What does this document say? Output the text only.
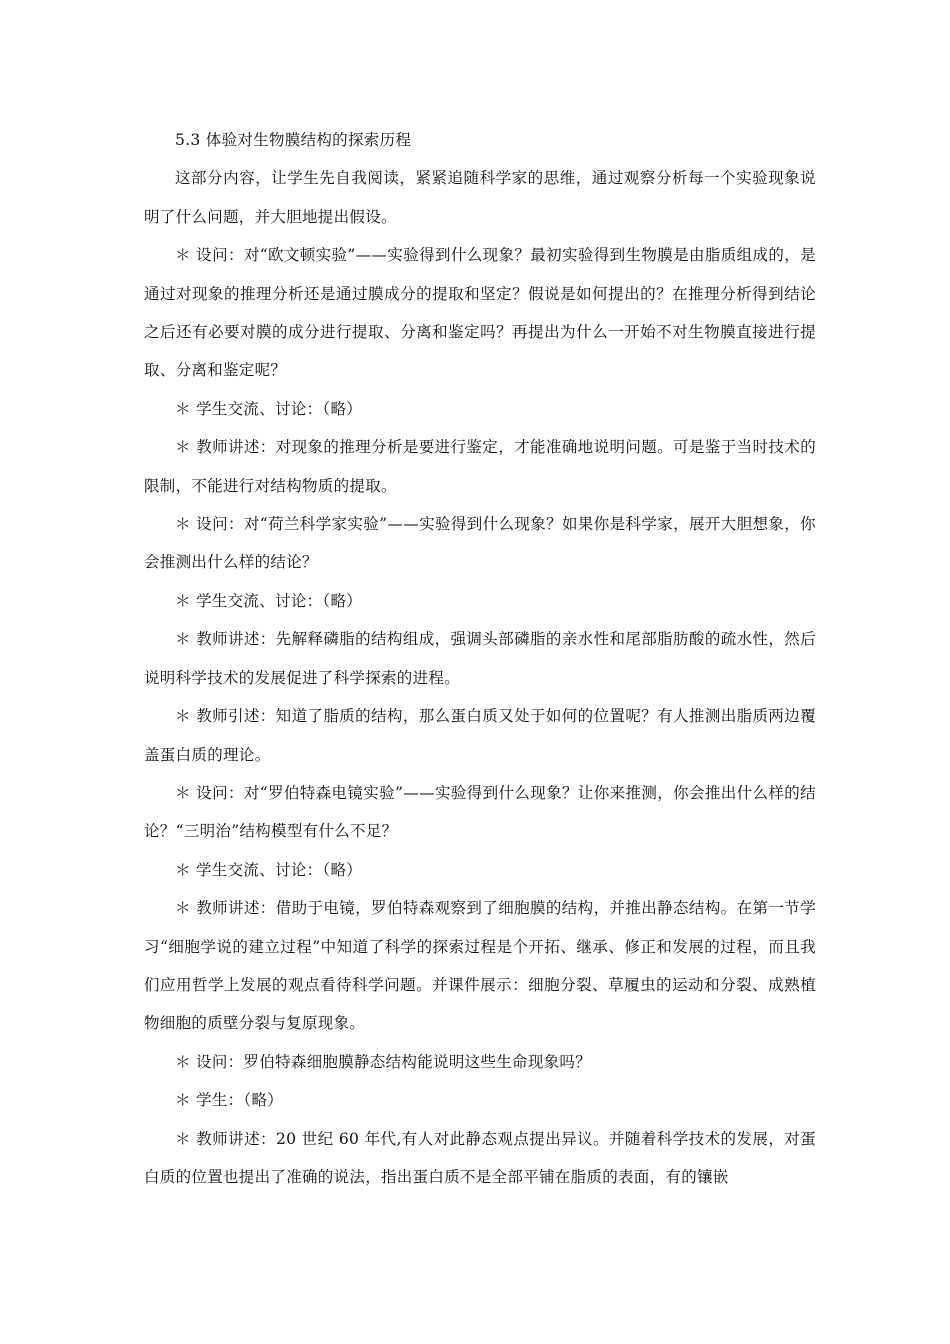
5.3 体验对生物膜结构的探索历程

这部分内容，让学生先自我阅读，紧紧追随科学家的思维，通过观察分析每一个实验现象说明了什么问题，并大胆地提出假设。

＊ 设问：对“欧文顿实验”——实验得到什么现象？最初实验得到生物膜是由脂质组成的，是通过对现象的推理分析还是通过膜成分的提取和坚定？假说是如何提出的？在推理分析得到结论之后还有必要对膜的成分进行提取、分离和鉴定吗？再提出为什么一开始不对生物膜直接进行提取、分离和鉴定呢？

＊ 学生交流、讨论：（略）

＊ 教师讲述：对现象的推理分析是要进行鉴定，才能准确地说明问题。可是鉴于当时技术的限制，不能进行对结构物质的提取。

＊ 设问：对“荷兰科学家实验”——实验得到什么现象？如果你是科学家，展开大胆想象，你会推测出什么样的结论？

＊ 学生交流、讨论：（略）

＊ 教师讲述：先解释磷脂的结构组成，强调头部磷脂的亲水性和尾部脂肪酸的疏水性，然后说明科学技术的发展促进了科学探索的进程。

＊ 教师引述：知道了脂质的结构，那么蛋白质又处于如何的位置呢？有人推测出脂质两边覆盖蛋白质的理论。

＊ 设问：对“罗伯特森电镜实验”——实验得到什么现象？让你来推测，你会推出什么样的结论？“三明治”结构模型有什么不足？

＊ 学生交流、讨论：（略）

＊ 教师讲述：借助于电镜，罗伯特森观察到了细胞膜的结构，并推出静态结构。在第一节学习“细胞学说的建立过程”中知道了科学的探索过程是个开拓、继承、修正和发展的过程，而且我们应用哲学上发展的观点看待科学问题。并课件展示：细胞分裂、草履虫的运动和分裂、成熟植物细胞的质壁分裂与复原现象。

＊ 设问：罗伯特森细胞膜静态结构能说明这些生命现象吗？

＊ 学生：（略）

＊ 教师讲述：20 世纪 60 年代,有人对此静态观点提出异议。并随着科学技术的发展，对蛋白质的位置也提出了准确的说法，指出蛋白质不是全部平铺在脂质的表面，有的镶嵌
